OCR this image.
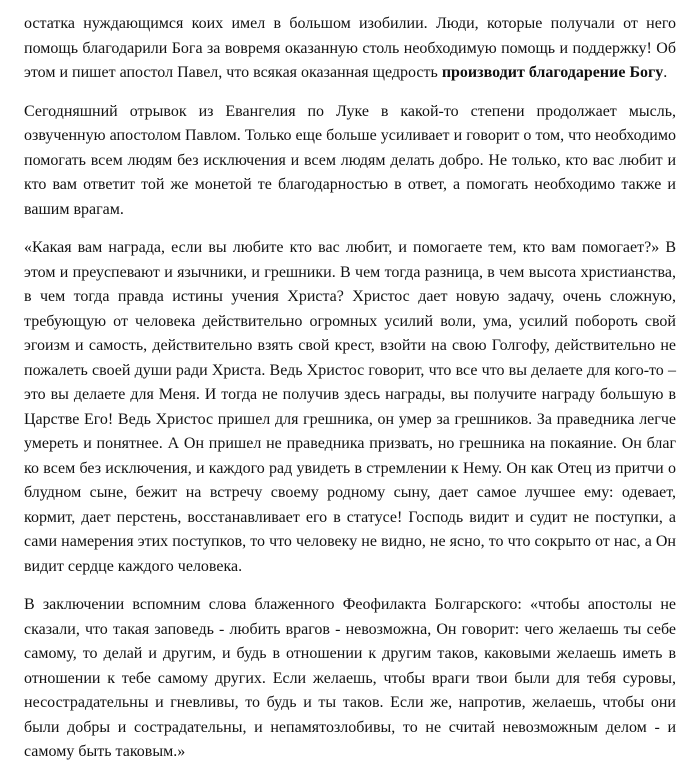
остатка нуждающимся коих имел в большом изобилии. Люди, которые получали от него помощь благодарили Бога за вовремя оказанную столь необходимую помощь и поддержку! Об этом и пишет апостол Павел, что всякая оказанная щедрость производит благодарение Богу.

Сегодняшний отрывок из Евангелия по Луке в какой-то степени продолжает мысль, озвученную апостолом Павлом. Только еще больше усиливает и говорит о том, что необходимо помогать всем людям без исключения и всем людям делать добро. Не только, кто вас любит и кто вам ответит той же монетой те благодарностью в ответ, а помогать необходимо также и вашим врагам.

«Какая вам награда, если вы любите кто вас любит, и помогаете тем, кто вам помогает?» В этом и преуспевают и язычники, и грешники. В чем тогда разница, в чем высота христианства, в чем тогда правда истины учения Христа? Христос дает новую задачу, очень сложную, требующую от человека действительно огромных усилий воли, ума, усилий побороть свой эгоизм и самость, действительно взять свой крест, взойти на свою Голгофу, действительно не пожалеть своей души ради Христа. Ведь Христос говорит, что все что вы делаете для кого-то – это вы делаете для Меня. И тогда не получив здесь награды, вы получите награду большую в Царстве Его! Ведь Христос пришел для грешника, он умер за грешников. За праведника легче умереть и понятнее. А Он пришел не праведника призвать, но грешника на покаяние. Он благ ко всем без исключения, и каждого рад увидеть в стремлении к Нему. Он как Отец из притчи о блудном сыне, бежит на встречу своему родному сыну, дает самое лучшее ему: одевает, кормит, дает перстень, восстанавливает его в статусе! Господь видит и судит не поступки, а сами намерения этих поступков, то что человеку не видно, не ясно, то что сокрыто от нас, а Он видит сердце каждого человека.

В заключении вспомним слова блаженного Феофилакта Болгарского: «чтобы апостолы не сказали, что такая заповедь - любить врагов - невозможна, Он говорит: чего желаешь ты себе самому, то делай и другим, и будь в отношении к другим таков, каковыми желаешь иметь в отношении к тебе самому других. Если желаешь, чтобы враги твои были для тебя суровы, несострадательны и гневливы, то будь и ты таков. Если же, напротив, желаешь, чтобы они были добры и сострадательны, и непамятозлобивы, то не считай невозможным делом - и самому быть таковым.»
